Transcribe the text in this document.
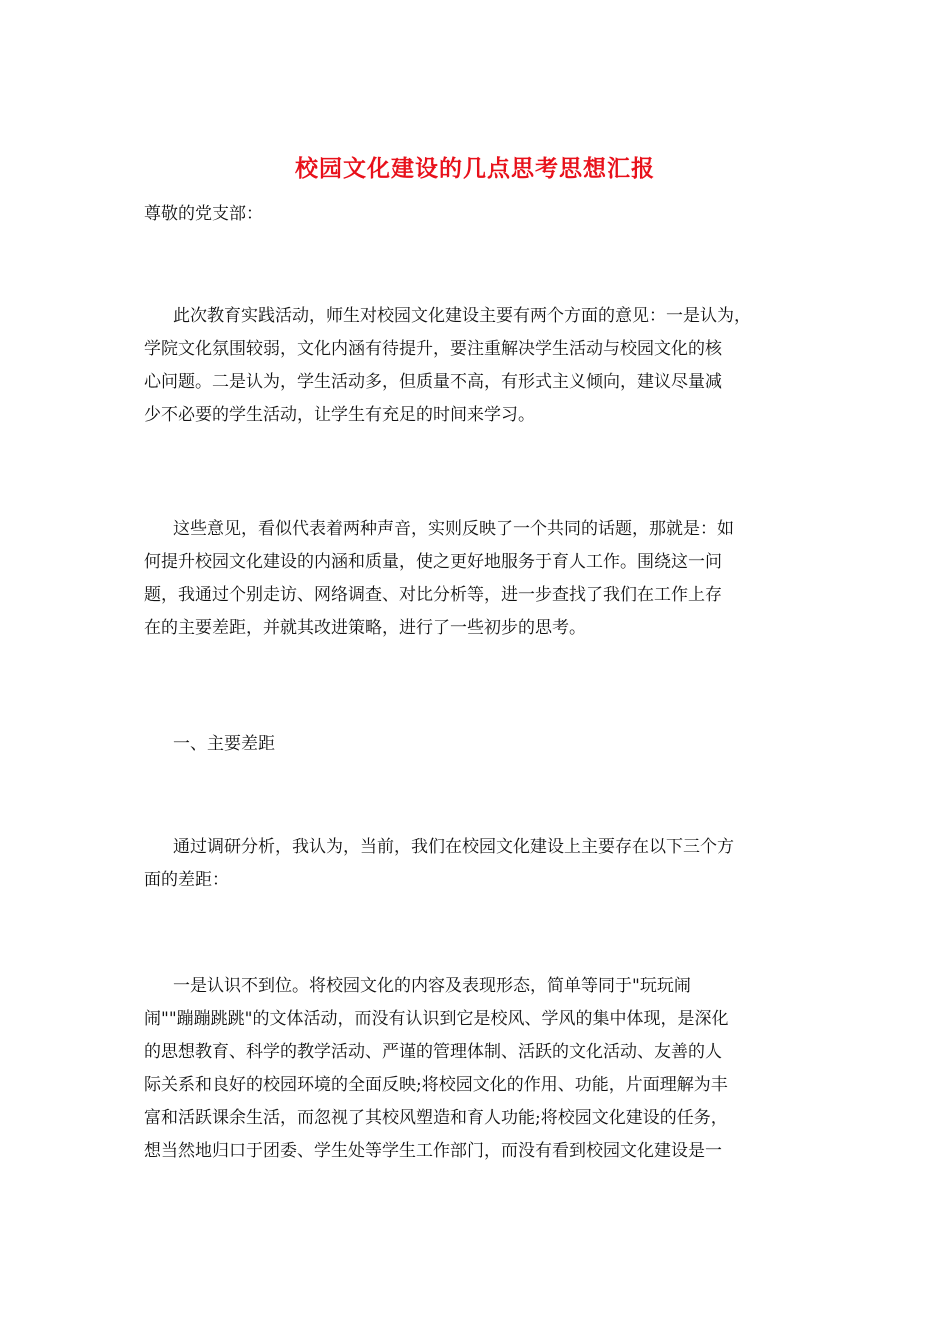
校园文化建设的几点思考思想汇报
尊敬的党支部：
此次教育实践活动，师生对校园文化建设主要有两个方面的意见：一是认为，
学院文化氛围较弱，文化内涵有待提升，要注重解决学生活动与校园文化的核
心问题。二是认为，学生活动多，但质量不高，有形式主义倾向，建议尽量减
少不必要的学生活动，让学生有充足的时间来学习。
这些意见，看似代表着两种声音，实则反映了一个共同的话题，那就是：如
何提升校园文化建设的内涵和质量，使之更好地服务于育人工作。围绕这一问
题，我通过个别走访、网络调查、对比分析等，进一步查找了我们在工作上存
在的主要差距，并就其改进策略，进行了一些初步的思考。
一、主要差距
通过调研分析，我认为，当前，我们在校园文化建设上主要存在以下三个方
面的差距：
一是认识不到位。将校园文化的内容及表现形态，简单等同于"玩玩闹
闹""蹦蹦跳跳"的文体活动，而没有认识到它是校风、学风的集中体现，是深化
的思想教育、科学的教学活动、严谨的管理体制、活跃的文化活动、友善的人
际关系和良好的校园环境的全面反映;将校园文化的作用、功能，片面理解为丰
富和活跃课余生活，而忽视了其校风塑造和育人功能;将校园文化建设的任务，
想当然地归口于团委、学生处等学生工作部门，而没有看到校园文化建设是一
